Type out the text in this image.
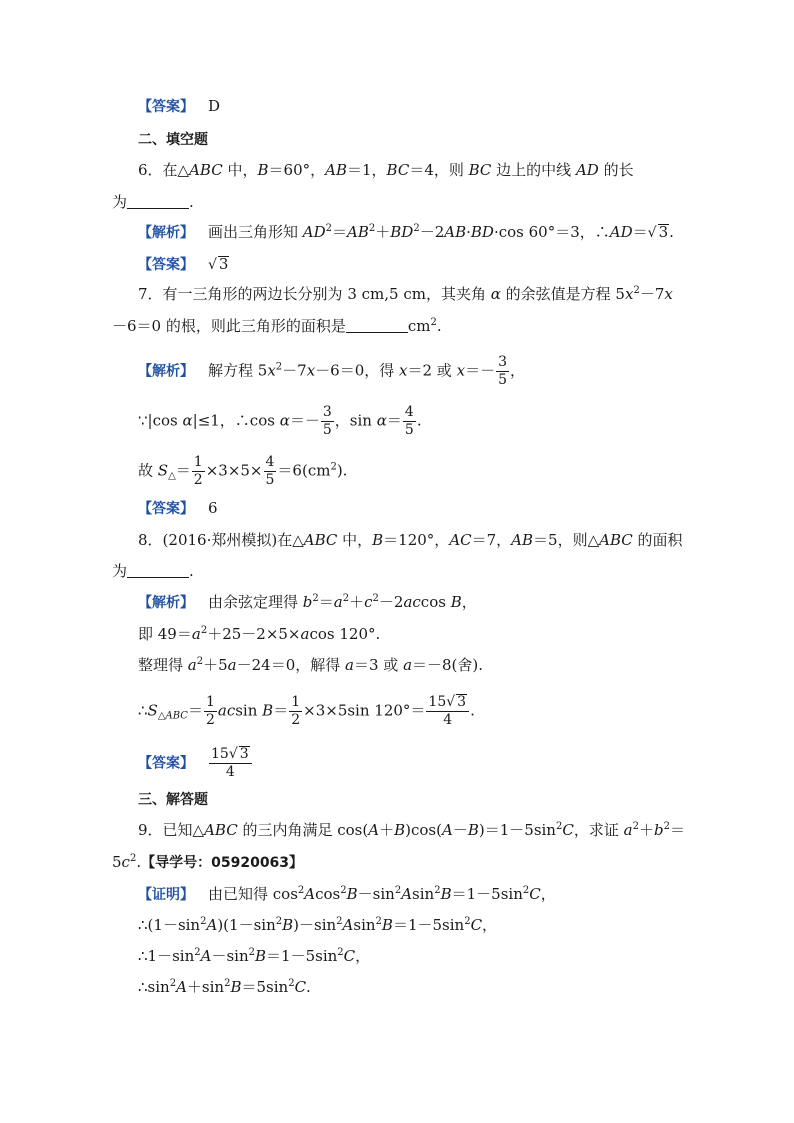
【答案】 D
二、填空题
6．在△ABC 中，B＝60°，AB＝1，BC＝4，则 BC 边上的中线 AD 的长
为	.
【解析】 画出三角形知 $AD^2=AB^2+BD^2-2AB\cdot BD\cdot\cos$ 60°＝3，∴AD＝√ 3.
【答案】 √ 3
7．有一三角形的两边长分别为 3 cm,5 cm，其夹角 α 的余弦值是方程 $5x^2-7x$
－6＝0 的根，则此三角形的面积是	$cm^2$.
【解析】 解方程 $5x^2-7x-6=0$，得 x＝2 或 $x=- \frac{3}{5}$ ，
∵|cos α|≤1，∴cos $\alpha=- \frac{3}{5}$ ，$\sin \alpha= \frac{4}{5}$ .
故 $S_\triangle= \frac{1}{2} \times 3\times 5\times \frac{4}{5} =6(cm^2)$.
【答案】 6
8．(2016·郑州模拟)在△ABC 中，B＝120°，AC＝7，AB＝5，则△ABC 的面积
为	.
【解析】 由余弦定理得 $b^2=a^2+c^2-2accos$ B，
即 $49=a^2+25-2\times 5\times acos$ 120°.
整理得 $a^2+5a-24=0$，解得 a＝3 或 a＝－8(舍).
$\therefore S_{\triangle ABC}= \frac{1}{2}$ acsin $B= \frac{1}{2} \times 3\times 5\sin$ $120^\circ= \frac{15√ 3}{4}$ .
【答案】 $\frac{15√ 3}{4}$
三、解答题
9．已知△ABC 的三内角满足 $\cos(A+B)\cos(A-B)=1-5\sin^2C$，求证 $a^2+b^2=$
$5c^2$.【导学号：05920063】
【证明】 由已知得 $\cos^2Acos^2B-\sin^2Asin^2B=1-5\sin^2C$，
$\therefore(1-\sin^2A)(1-\sin^2B)-\sin^2Asin^2B=1-5\sin^2C$，
$\therefore 1-\sin^2A-\sin^2B=1-5\sin^2C$，
$\therefore\sin^2A+\sin^2B=5\sin^2C$.
